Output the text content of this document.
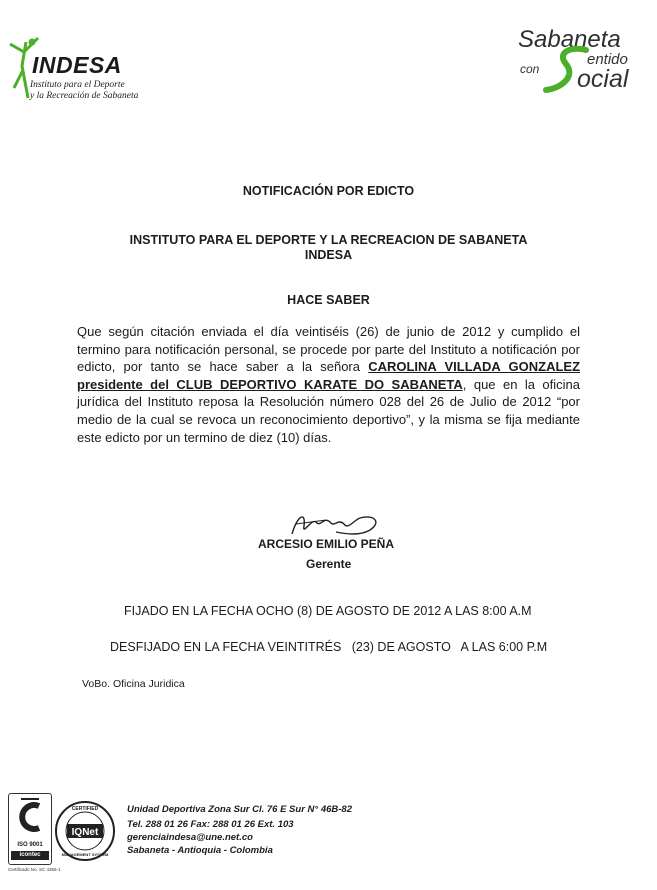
INDESA
Instituto para el Deporte
y la Recreación de Sabaneta
Sabaneta
con
entido
ocial
NOTIFICACIÓN POR EDICTO
INSTITUTO PARA EL DEPORTE Y LA RECREACION DE SABANETA
INDESA
HACE SABER
Que según citación enviada el día veintiséis (26) de junio de 2012 y cumplido el termino para notificación personal, se procede por parte del Instituto a notificación por edicto, por tanto se hace saber a la señora CAROLINA VILLADA GONZALEZ presidente del CLUB DEPORTIVO KARATE DO SABANETA, que en la oficina jurídica del Instituto reposa la Resolución número 028 del 26 de Julio de 2012 “por medio de la cual se revoca un reconocimiento deportivo”, y la misma se fija mediante este edicto por un termino de diez (10) días.
ARCESIO EMILIO PEÑA
Gerente
FIJADO EN LA FECHA OCHO (8) DE AGOSTO DE 2012 A LAS 8:00 A.M
DESFIJADO EN LA FECHA VEINTITRÉS   (23) DE AGOSTO   A LAS 6:00 P.M
VoBo. Oficina Juridica
ISO 9001
icontec
Certificado No. SC 4356-1
IQNet
CERTIFIED
MANAGEMENT SYSTEM
Unidad Deportiva Zona Sur Cl. 76 E Sur N° 46B-82
Tel. 288 01 26 Fax: 288 01 26 Ext. 103
gerenciaindesa@une.net.co
Sabaneta - Antioquia - Colombia
